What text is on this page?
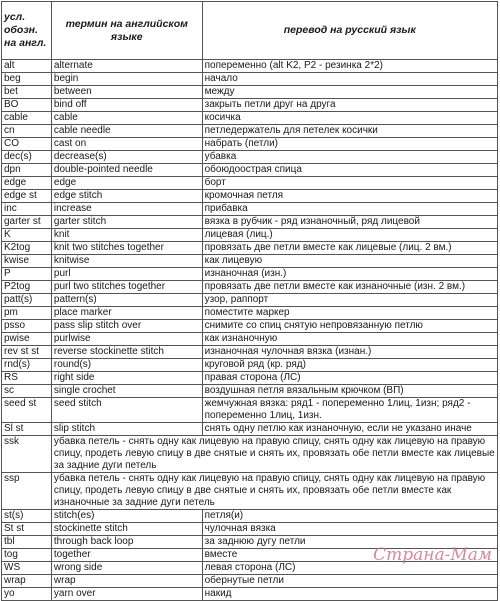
усл. обозн. на англ.	термин на английском языке	перевод на русский язык
alt	alternate	попеременно (alt K2, P2 - резинка 2*2)
beg	begin	начало
bet	between	между
BO	bind off	закрыть петли друг на друга
cable	cable	косичка
cn	cable needle	петледержатель для петелек косички
CO	cast on	набрать (петли)
dec(s)	decrease(s)	убавка
dpn	double-pointed needle	обоюдоострая спица
edge	edge	борт
edge st	edge stitch	кромочная петля
inc	increase	прибавка
garter st	garter stitch	вязка в рубчик - ряд изнаночный, ряд лицевой
K	knit	лицевая (лиц.)
K2tog	knit two stitches together	провязать две петли вместе как лицевые (лиц. 2 вм.)
kwise	knitwise	как лицевую
P	purl	изнаночная (изн.)
P2tog	purl two stitches together	провязать две петли вместе как изнаночные (изн. 2 вм.)
patt(s)	pattern(s)	узор, раппорт
pm	place marker	поместите маркер
psso	pass slip stitch over	снимите со спиц снятую непровязанную петлю
pwise	purlwise	как изнаночную
rev st st	reverse stockinette stitch	изнаночная чулочная вязка (изнан.)
rnd(s)	round(s)	круговой ряд (кр. ряд)
RS	right side	правая сторона (ЛС)
sc	single crochet	воздушная петля вязальным крючком (ВП)
seed st	seed stitch	жемчужная вязка: ряд1 - попеременно 1лиц, 1изн; ряд2 - попеременно 1лиц, 1изн.
Sl st	slip stitch	снять одну петлю как изнаночную, если не указано иначе
ssk	убавка петель - снять одну как лицевую на правую спицу, снять одну как лицевую на правую спицу, продеть левую спицу в две снятые и снять их, провязать обе петли вместе как лицевые за задние дуги петель	
ssp	убавка петель - снять одну как лицевую на правую спицу, снять одну как лицевую на правую спицу, продеть левую спицу в две снятые и снять их, провязать обе петли вместе как изнаночные за задние дуги петель	
st(s)	stitch(es)	петля(и)
St st	stockinette stitch	чулочная вязка
tbl	through back loop	за заднюю дугу петли
tog	together	вместе
WS	wrong side	левая сторона (ЛС)
wrap	wrap	обернутые петли
yo	yarn over	накид
Страна-Мам
